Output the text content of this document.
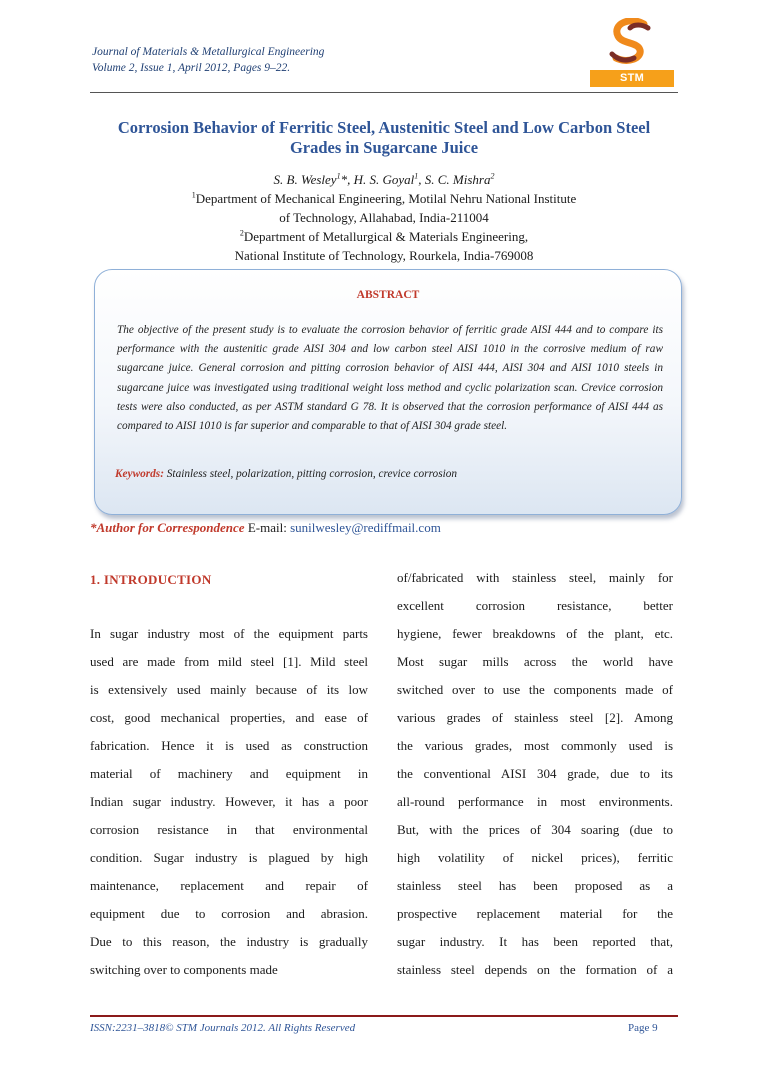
Journal of Materials & Metallurgical Engineering
Volume 2, Issue 1, April 2012, Pages 9–22.
STM JOURNALS
Corrosion Behavior of Ferritic Steel, Austenitic Steel and Low Carbon Steel
Grades in Sugarcane Juice
S. B. Wesley$^1$*, H. S. Goyal$^1$, S. C. Mishra$^2$
$^1$Department of Mechanical Engineering, Motilal Nehru National Institute
of Technology, Allahabad, India-211004
$^2$Department of Metallurgical & Materials Engineering,
National Institute of Technology, Rourkela, India-769008
ABSTRACT
The objective of the present study is to evaluate the corrosion behavior of ferritic grade AISI 444 and to compare its performance with the austenitic grade AISI 304 and low carbon steel AISI 1010 in the corrosive medium of raw sugarcane juice. General corrosion and pitting corrosion behavior of AISI 444, AISI 304 and AISI 1010 steels in sugarcane juice was investigated using traditional weight loss method and cyclic polarization scan. Crevice corrosion tests were also conducted, as per ASTM standard G 78. It is observed that the corrosion performance of AISI 444 as compared to AISI 1010 is far superior and comparable to that of AISI 304 grade steel.
Keywords: Stainless steel, polarization, pitting corrosion, crevice corrosion
*Author for Correspondence E-mail: sunilwesley@rediffmail.com
1. INTRODUCTION
In sugar industry most of the equipment parts
used are made from mild steel [1]. Mild steel
is extensively used mainly because of its low
cost, good mechanical properties, and ease of
fabrication. Hence it is used as construction
material of machinery and equipment in
Indian sugar industry. However, it has a poor
corrosion resistance in that environmental
condition. Sugar industry is plagued by high
maintenance, replacement and repair of
equipment due to corrosion and abrasion.
Due to this reason, the industry is gradually
switching over to components made
of/fabricated with stainless steel, mainly for
excellent corrosion resistance, better
hygiene, fewer breakdowns of the plant, etc.
Most sugar mills across the world have
switched over to use the components made of
various grades of stainless steel [2]. Among
the various grades, most commonly used is
the conventional AISI 304 grade, due to its
all-round performance in most environments.
But, with the prices of 304 soaring (due to
high volatility of nickel prices), ferritic
stainless steel has been proposed as a
prospective replacement material for the
sugar industry. It has been reported that,
stainless steel depends on the formation of a
ISSN:2231–3818© STM Journals 2012. All Rights Reserved	Page 9
